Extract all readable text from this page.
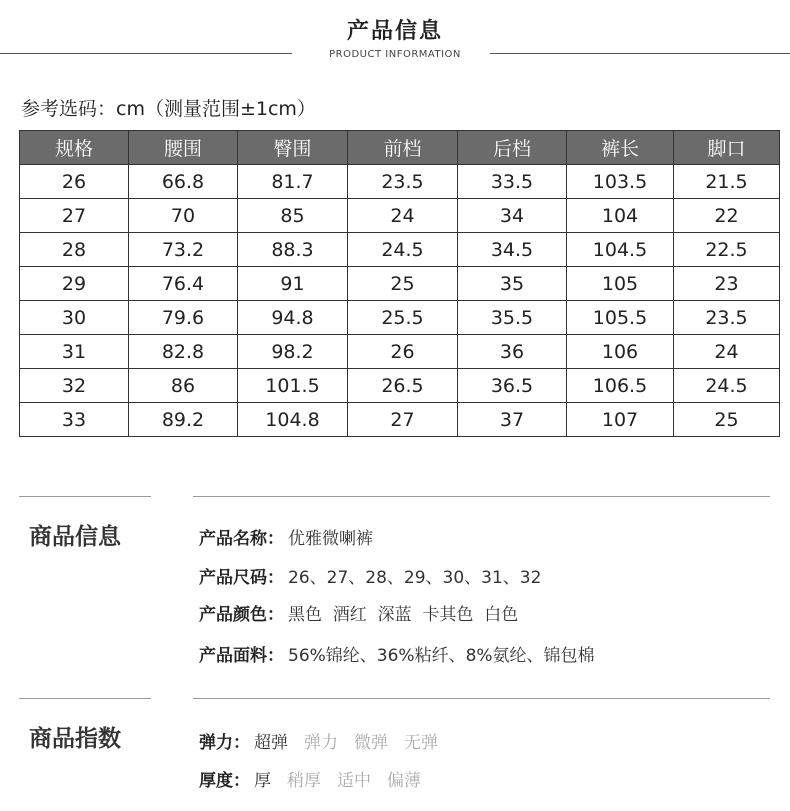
产品信息
PRODUCT INFORMATION
参考选码：cm（测量范围±1cm）
规格	腰围	臀围	前档	后档	裤长	脚口
26	66.8	81.7	23.5	33.5	103.5	21.5
27	70	85	24	34	104	22
28	73.2	88.3	24.5	34.5	104.5	22.5
29	76.4	91	25	35	105	23
30	79.6	94.8	25.5	35.5	105.5	23.5
31	82.8	98.2	26	36	106	24
32	86	101.5	26.5	36.5	106.5	24.5
33	89.2	104.8	27	37	107	25
商品信息	产品名称： 优雅微喇裤
产品尺码： 26、27、28、29、30、31、32
产品颜色： 黑色  酒红  深蓝  卡其色  白色
产品面料： 56%锦纶、36%粘纤、8%氨纶、锦包棉
商品指数	弹力： 超弹 弹力 微弹 无弹
厚度： 厚 稍厚 适中 偏薄
